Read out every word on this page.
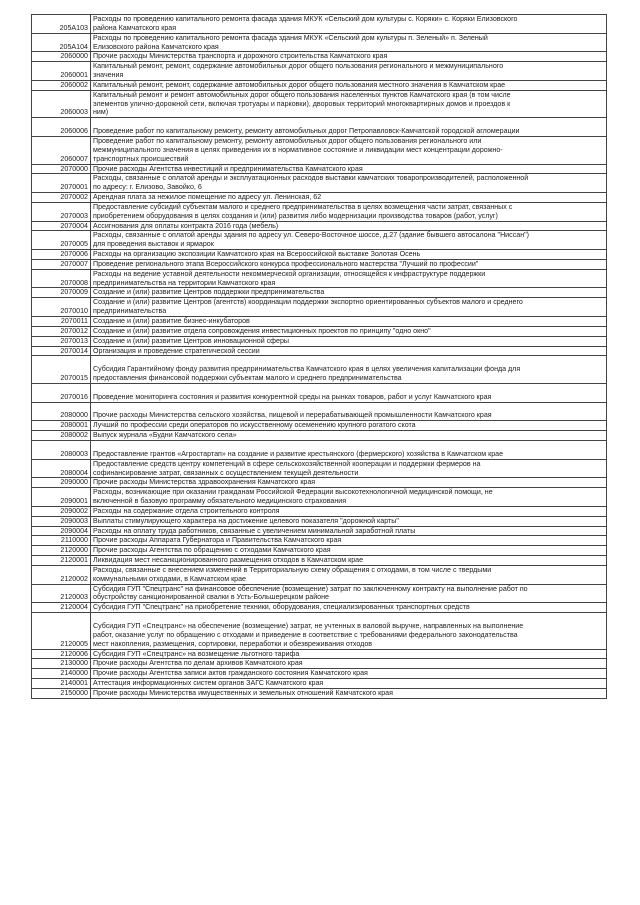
205А103
Расходы по проведению капитального ремонта фасада здания МКУК «Сельский дом культуры с. Коряки» с. Коряки Елизовского
района Камчатского края
205А104
Расходы по проведению капитального ремонта фасада здания МКУК «Сельский дом культуры п. Зеленый» п. Зеленый
Елизовского района Камчатского края
2060000 Прочие расходы Министерства транспорта и дорожного строительства Камчатского края
2060001
Капитальный ремонт, ремонт, содержание автомобильных дорог общего пользования регионального и межмуниципального
значения
2060002 Капитальный ремонт, ремонт, содержание автомобильных дорог общего пользования местного значения в Камчатском крае
2060003
Капитальный ремонт и ремонт автомобильных дорог общего пользования населенных пунктов Камчатского края (в том числе
элементов улично-дорожной сети, включая тротуары и парковки), дворовых территорий многоквартирных домов и проездов к
ним)
2060006
Проведение работ по капитальному ремонту, ремонту автомобильных дорог Петропавловск-Камчатской городской агломерации
2060007
Проведение работ по капитальному ремонту, ремонту автомобильных дорог общего пользования регионального или
межмуниципального значения в целях приведения их в нормативное состояние и ликвидации мест концентрации дорожно-
транспортных происшествий
2070000 Прочие расходы Агентства инвестиций и предпринимательства Камчатского края
2070001
Расходы, связанные с оплатой аренды и эксплуатационных расходов выставки камчатских товаропроизводителей, расположенной
по адресу: г. Елизово, Завойко, 6
2070002 Арендная плата за нежилое помещение по адресу ул. Ленинская, 62
2070003
Предоставление субсидий субъектам малого и среднего предпринимательства в целях возмещения части затрат, связанных с
приобретением оборудования в целях создания и (или) развития либо модернизации производства товаров (работ, услуг)
2070004 Ассигнования для оплаты контракта 2016 года (мебель)
2070005
Расходы, связанные с оплатой аренды здания по адресу ул. Северо-Восточное шоссе, д.27 (здание бывшего автосалона "Ниссан")
для проведения выставок и ярмарок
2070006 Расходы на организацию экспозиции Камчатского края на Всероссийской выставке Золотая Осень
2070007 Проведение регионального этапа Всероссийского конкурса профессионального мастерства "Лучший по профессии"
2070008
Расходы на ведение уставной деятельности некоммерческой организации, относящейся к инфраструктуре поддержки
предпринимательства на территории Камчатского края
2070009 Создание и (или) развитие Центров поддержки предпринимательства
2070010
Создание и (или) развитие Центров (агентств) координации поддержки экспортно ориентированных субъектов малого и среднего
предпринимательства
2070011 Создание и (или) развитие бизнес-инкубаторов
2070012 Создание и (или) развитие отдела сопровождения инвестиционных проектов по принципу "одно окно"
2070013 Создание и (или) развитие Центров инновационной сферы
2070014 Организация и проведение стратегической сессии
2070015

Субсидия Гарантийному фонду развития предпринимательства Камчатского края в целях увеличения капитализации фонда для
предоставления финансовой поддержки субъектам малого и среднего предпринимательства
2070016
Проведение мониторинга состояния и развития конкурентной среды на рынках товаров, работ и услуг Камчатского края
2080000
Прочие расходы Министерства сельского хозяйства, пищевой и перерабатывающей промышленности Камчатского края
2080001 Лучший по профессии среди операторов по искусственному осеменению крупного рогатого скота
2080002 Выпуск журнала «Будни Камчатского села»
2080003
Предоставление грантов «Агростартап» на создание и развитие крестьянского (фермерского) хозяйства в Камчатском крае
2080004
Предоставление средств центру компетенций в сфере сельскохозяйственной кооперации и поддержки фермеров на
софинансирование затрат, связанных с осуществлением текущей деятельности
2090000 Прочие расходы Министерства здравоохранения Камчатского края
2090001
Расходы, возникающие при оказании гражданам Российской Федерации высокотехнологичной медицинской помощи, не
включенной в базовую программу обязательного медицинского страхования
2090002 Расходы на содержание отдела строительного контроля
2090003 Выплаты стимулирующего характера на достижение целевого показателя "дорожной карты"
2090004 Расходы на оплату труда работников, связанные с увеличением минимальной заработной платы
2110000 Прочие расходы Аппарата Губернатора и Правительства Камчатского края
2120000 Прочие расходы Агентства по обращению с отходами Камчатского края
2120001 Ликвидация мест несанкционированного размещения отходов в Камчатском крае
2120002
Расходы, связанные с внесением изменений в Территориальную схему обращения с отходами, в том числе с твердыми
коммунальными отходами, в Камчатском крае
2120003
Субсидия ГУП "Спецтранс" на финансовое обеспечение (возмещение) затрат по заключенному контракту на выполнение работ по
обустройству санкционированной свалки в Усть-Большерецком районе
2120004 Субсидия ГУП "Спецтранс" на приобретение техники, оборудования, специализированных транспортных средств
2120005

Субсидия ГУП «Спецтранс» на обеспечение (возмещение) затрат, не учтенных в валовой выручке, направленных на выполнение
работ, оказание услуг по обращению с отходами и приведение в соответствие с требованиями федерального законодательства
мест накопления, размещения, сортировки, переработки и обезвреживания отходов
2120006 Субсидия ГУП «Спецтранс» на возмещение льготного тарифа
2130000 Прочие расходы Агентства по делам архивов Камчатского края
2140000 Прочие расходы Агентства записи актов гражданского состояния Камчатского края
2140001 Аттестация информационных систем органов ЗАГС Камчатского края
2150000 Прочие расходы Министерства имущественных и земельных отношений Камчатского края
